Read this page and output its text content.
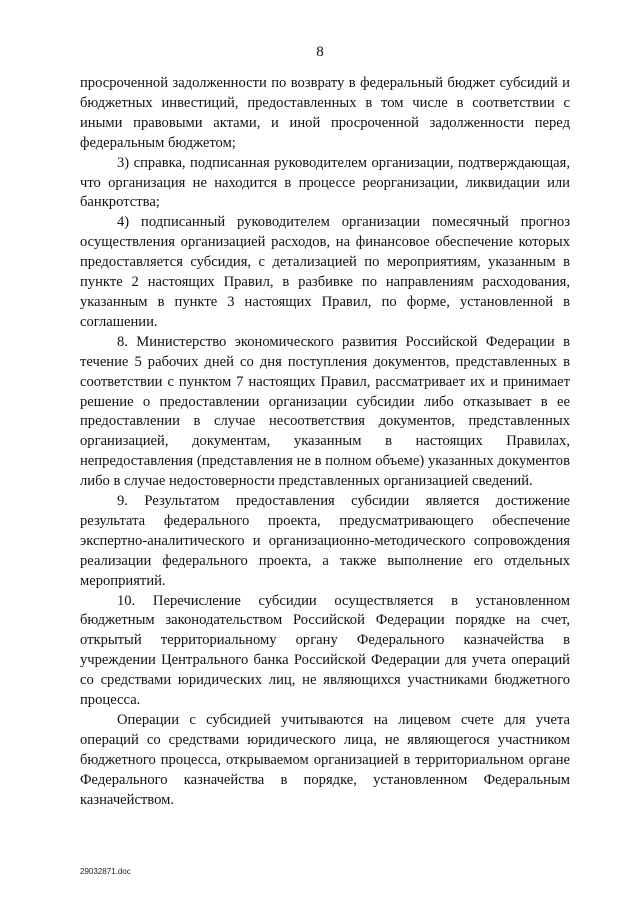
8

просроченной задолженности по возврату в федеральный бюджет субсидий и бюджетных инвестиций, предоставленных в том числе в соответствии с иными правовыми актами, и иной просроченной задолженности перед федеральным бюджетом;

3) справка, подписанная руководителем организации, подтверждающая, что организация не находится в процессе реорганизации, ликвидации или банкротства;

4) подписанный руководителем организации помесячный прогноз осуществления организацией расходов, на финансовое обеспечение которых предоставляется субсидия, с детализацией по мероприятиям, указанным в пункте 2 настоящих Правил, в разбивке по направлениям расходования, указанным в пункте 3 настоящих Правил, по форме, установленной в соглашении.

8. Министерство экономического развития Российской Федерации в течение 5 рабочих дней со дня поступления документов, представленных в соответствии с пунктом 7 настоящих Правил, рассматривает их и принимает решение о предоставлении организации субсидии либо отказывает в ее предоставлении в случае несоответствия документов, представленных организацией, документам, указанным в настоящих Правилах, непредоставления (представления не в полном объеме) указанных документов либо в случае недостоверности представленных организацией сведений.

9. Результатом предоставления субсидии является достижение результата федерального проекта, предусматривающего обеспечение экспертно-аналитического и организационно-методического сопровождения реализации федерального проекта, а также выполнение его отдельных мероприятий.

10. Перечисление субсидии осуществляется в установленном бюджетным законодательством Российской Федерации порядке на счет, открытый территориальному органу Федерального казначейства в учреждении Центрального банка Российской Федерации для учета операций со средствами юридических лиц, не являющихся участниками бюджетного процесса.

Операции с субсидией учитываются на лицевом счете для учета операций со средствами юридического лица, не являющегося участником бюджетного процесса, открываемом организацией в территориальном органе Федерального казначейства в порядке, установленном Федеральным казначейством.

29032871.doc
